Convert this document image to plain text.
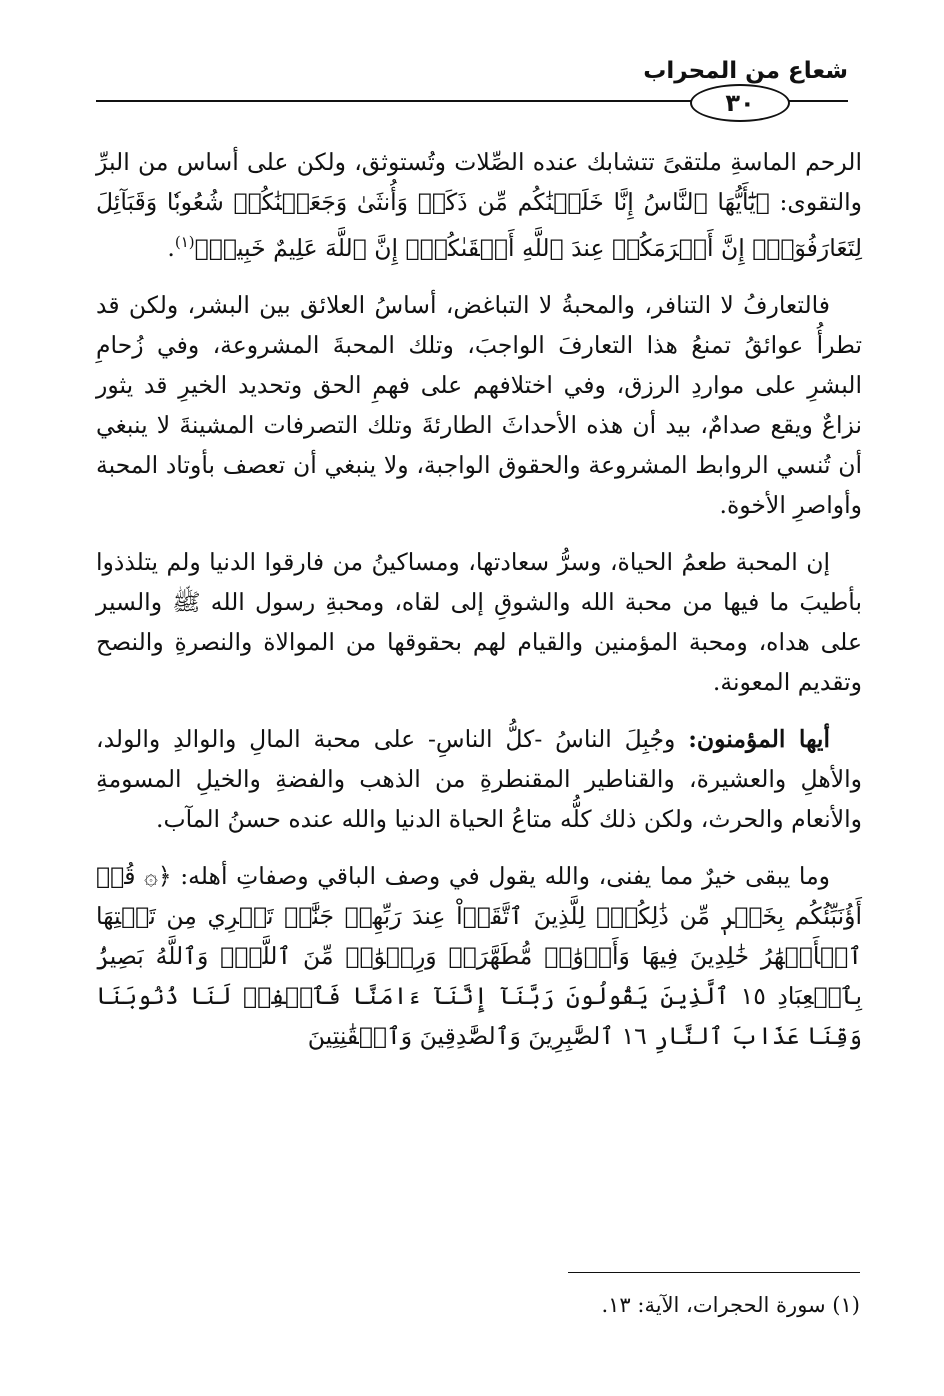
شعاع من المحراب
٣٠

الرحم الماسةِ ملتقىً تتشابك عنده الصِّلات وتُستوثق، ولكن على أساس من البرِّ والتقوى: ﴿يَٰٓأَيُّهَا ٱلنَّاسُ إِنَّا خَلَقۡنَٰكُم مِّن ذَكَرٖ وَأُنثَىٰ وَجَعَلۡنَٰكُمۡ شُعُوبٗا وَقَبَآئِلَ لِتَعَارَفُوٓاْۚ إِنَّ أَكۡرَمَكُمۡ عِندَ ٱللَّهِ أَتۡقَىٰكُمۡۚ إِنَّ ٱللَّهَ عَلِيمٌ خَبِيرٞ﴾$^{(١)}$.

فالتعارفُ لا التنافر، والمحبةُ لا التباغض، أساسُ العلائق بين البشر، ولكن قد تطرأُ عوائقُ تمنعُ هذا التعارفَ الواجبَ، وتلك المحبةَ المشروعة، وفي زُحامِ البشرِ على مواردِ الرزق، وفي اختلافهم على فهمِ الحق وتحديد الخيرِ قد يثور نزاعٌ ويقع صدامٌ، بيد أن هذه الأحداثَ الطارئةَ وتلك التصرفات المشينةَ لا ينبغي أن تُنسي الروابط المشروعة والحقوق الواجبة، ولا ينبغي أن تعصف بأوتاد المحبة وأواصرِ الأخوة.

إن المحبة طعمُ الحياة، وسرُّ سعادتها، ومساكينُ من فارقوا الدنيا ولم يتلذذوا بأطيبَ ما فيها من محبة الله والشوقِ إلى لقاه، ومحبةِ رسول الله ﷺ والسير على هداه، ومحبة المؤمنين والقيام لهم بحقوقها من الموالاة والنصرةِ والنصح وتقديم المعونة.

أيها المؤمنون: وجُبِلَ الناسُ -كلُّ الناسِ- على محبة المالِ والوالدِ والولد، والأهلِ والعشيرة، والقناطير المقنطرةِ من الذهب والفضةِ والخيلِ المسومةِ والأنعام والحرث، ولكن ذلك كلُّه متاعُ الحياة الدنيا والله عنده حسنُ المآب.

وما يبقى خيرٌ مما يفنى، والله يقول في وصف الباقي وصفاتِ أهله: ﴿۞ قُلۡ أَؤُنَبِّئُكُم بِخَيۡرٖ مِّن ذَٰلِكُمۡۖ لِلَّذِينَ ٱتَّقَوۡاْ عِندَ رَبِّهِمۡ جَنَّٰتٞ تَجۡرِي مِن تَحۡتِهَا ٱلۡأَنۡهَٰرُ خَٰلِدِينَ فِيهَا وَأَزۡوَٰجٞ مُّطَهَّرَةٞ وَرِضۡوَٰنٞ مِّنَ ٱللَّهِۗ وَٱللَّهُ بَصِيرُۢ بِٱلۡعِبَادِ ١٥ ٱلَّذِينَ يَقُولُونَ رَبَّنَآ إِنَّنَآ ءَامَنَّا فَٱغۡفِرۡ لَنَا ذُنُوبَنَا وَقِنَا عَذَابَ ٱلنَّارِ ١٦ ٱلصَّٰبِرِينَ وَٱلصَّٰدِقِينَ وَٱلۡقَٰنِتِينَ

(١) سورة الحجرات، الآية: ١٣.
